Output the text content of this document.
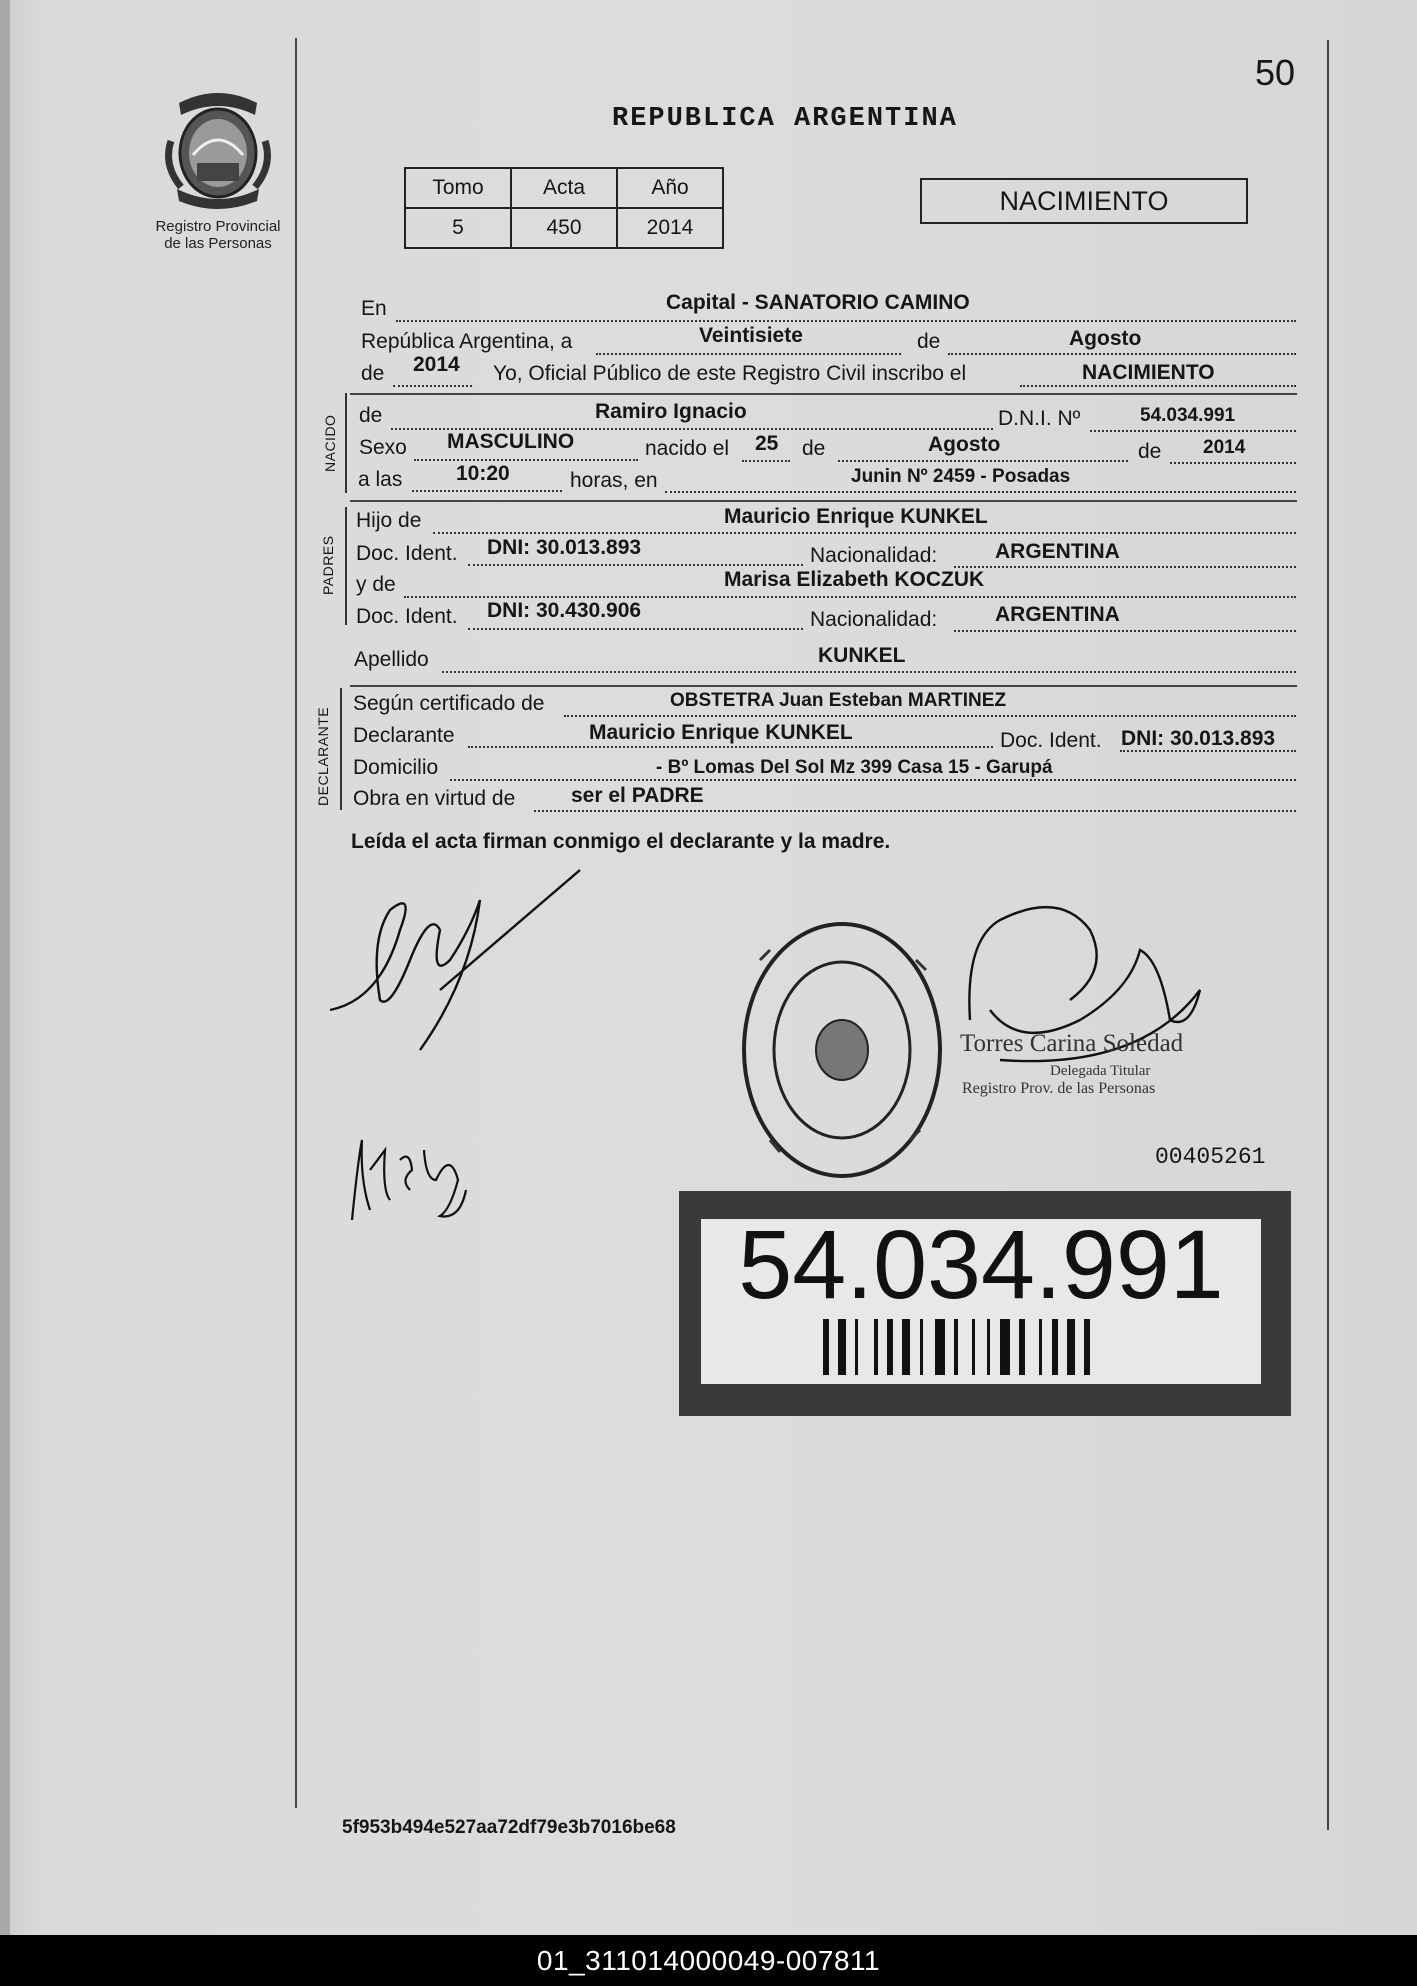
50
Registro Provincial
de las Personas
REPUBLICA ARGENTINA
Tomo	Acta	Año
5	450	2014
NACIMIENTO
En	Capital - SANATORIO CAMINO
República Argentina, a	Veintisiete	de	Agosto
de 2014 Yo, Oficial Público de este Registro Civil inscribo el	NACIMIENTO
NACIDO de	Ramiro Ignacio	D.N.I. Nº	54.034.991
Sexo MASCULINO	nacido el 25 de	Agosto	de 2014
a las	10:20	horas, en	Junin Nº 2459 - Posadas
PADRES
Hijo de	Mauricio Enrique KUNKEL
Doc. Ident. DNI: 30.013.893	Nacionalidad:	ARGENTINA
y de	Marisa Elizabeth KOCZUK
Doc. Ident. DNI: 30.430.906	Nacionalidad:	ARGENTINA
Apellido	KUNKEL
DECLARANTE
Según certificado de	OBSTETRA Juan Esteban MARTINEZ
Declarante	Mauricio Enrique KUNKEL	Doc. Ident. DNI: 30.013.893
Domicilio	- Bº Lomas Del Sol Mz 399 Casa 15 - Garupá
Obra en virtud de	ser el PADRE
Leída el acta firman conmigo el declarante y la madre.
Torres Carina Soledad
Delegada Titular
Registro Prov. de las Personas
00405261
54.034.991
5f953b494e527aa72df79e3b7016be68
01_311014000049-007811
